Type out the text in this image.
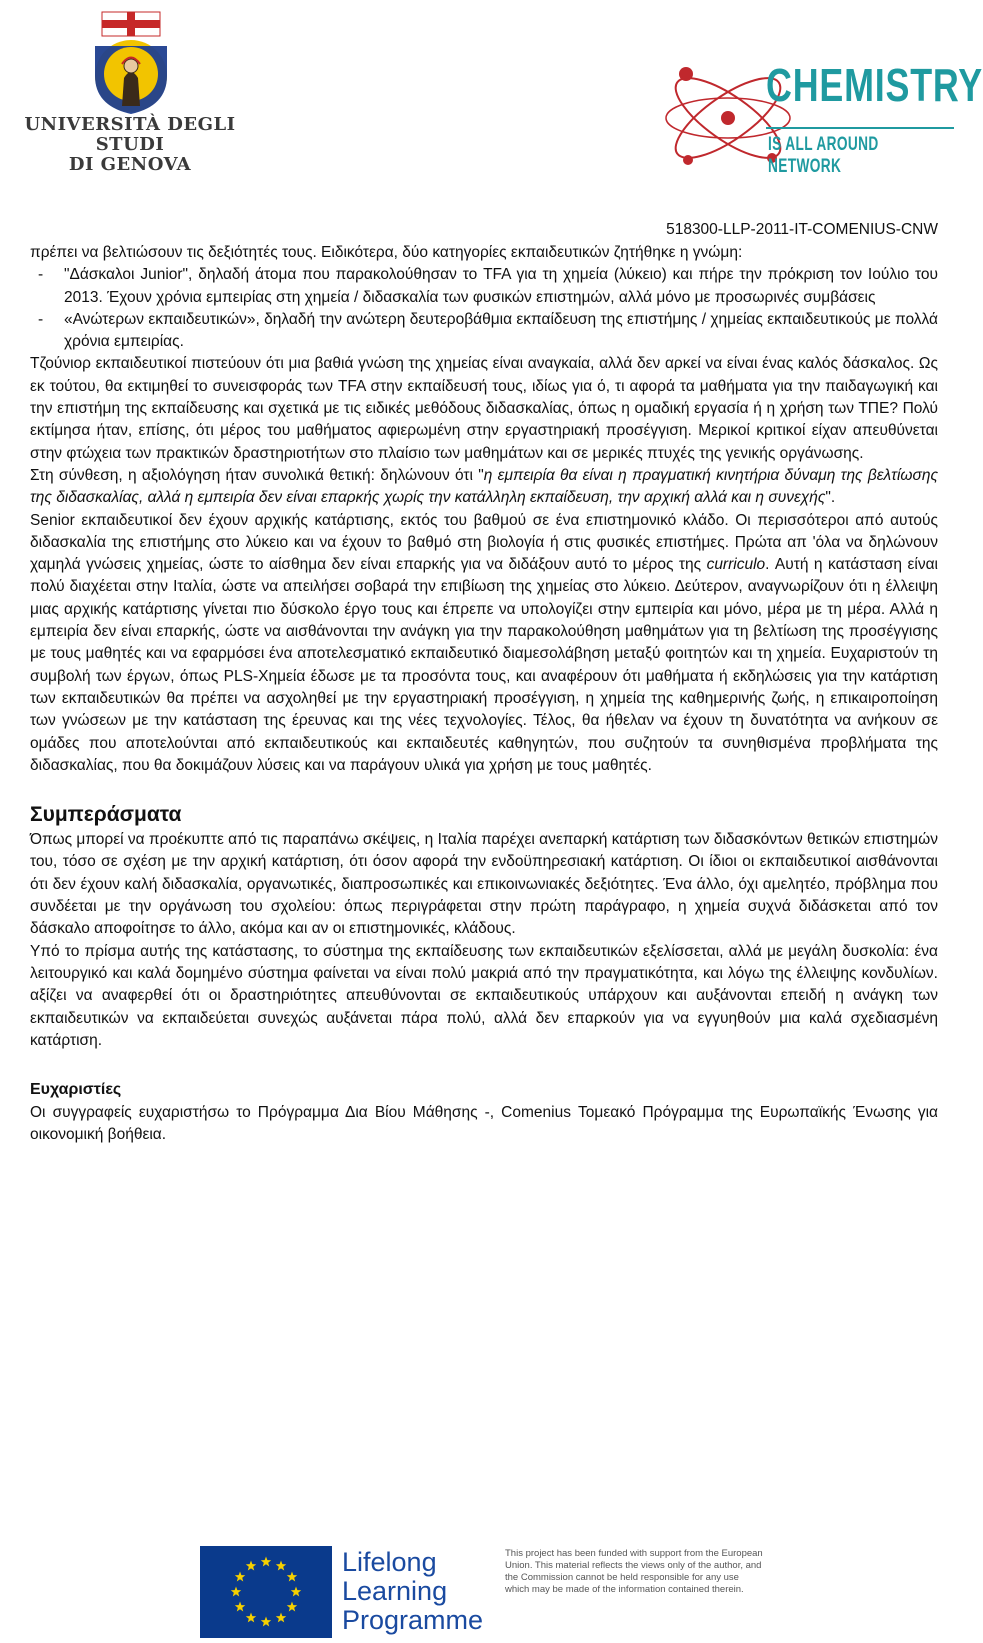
UNIVERSITÀ DEGLI STUDI
DI GENOVA
CHEMISTRY
IS ALL AROUND NETWORK
518300-LLP-2011-IT-COMENIUS-CNW

πρέπει να βελτιώσουν τις δεξιότητές τους. Ειδικότερα, δύο κατηγορίες εκπαιδευτικών ζητήθηκε η γνώμη:

- "Δάσκαλοι Junior", δηλαδή άτομα που παρακολούθησαν το TFA για τη χημεία (λύκειο) και πήρε την πρόκριση τον Ιούλιο του 2013. Έχουν χρόνια εμπειρίας στη χημεία / διδασκαλία των φυσικών επιστημών, αλλά μόνο με προσωρινές συμβάσεις
- «Ανώτερων εκπαιδευτικών», δηλαδή την ανώτερη δευτεροβάθμια εκπαίδευση της επιστήμης / χημείας εκπαιδευτικούς με πολλά χρόνια εμπειρίας.

Τζούνιορ εκπαιδευτικοί πιστεύουν ότι μια βαθιά γνώση της χημείας είναι αναγκαία, αλλά δεν αρκεί να είναι ένας καλός δάσκαλος. Ως εκ τούτου, θα εκτιμηθεί το συνεισφοράς των TFA στην εκπαίδευσή τους, ιδίως για ό, τι αφορά τα μαθήματα για την παιδαγωγική και την επιστήμη της εκπαίδευσης και σχετικά με τις ειδικές μεθόδους διδασκαλίας, όπως η ομαδική εργασία ή η χρήση των ΤΠΕ? Πολύ εκτίμησα ήταν, επίσης, ότι μέρος του μαθήματος αφιερωμένη στην εργαστηριακή προσέγγιση. Μερικοί κριτικοί είχαν απευθύνεται στην φτώχεια των πρακτικών δραστηριοτήτων στο πλαίσιο των μαθημάτων και σε μερικές πτυχές της γενικής οργάνωσης.

Στη σύνθεση, η αξιολόγηση ήταν συνολικά θετική: δηλώνουν ότι "η εμπειρία θα είναι η πραγματική κινητήρια δύναμη της βελτίωσης της διδασκαλίας, αλλά η εμπειρία δεν είναι επαρκής χωρίς την κατάλληλη εκπαίδευση, την αρχική αλλά και η συνεχής".

Senior εκπαιδευτικοί δεν έχουν αρχικής κατάρτισης, εκτός του βαθμού σε ένα επιστημονικό κλάδο. Οι περισσότεροι από αυτούς διδασκαλία της επιστήμης στο λύκειο και να έχουν το βαθμό στη βιολογία ή στις φυσικές επιστήμες. Πρώτα απ 'όλα να δηλώνουν χαμηλά γνώσεις χημείας, ώστε το αίσθημα δεν είναι επαρκής για να διδάξουν αυτό το μέρος της curriculo. Αυτή η κατάσταση είναι πολύ διαχέεται στην Ιταλία, ώστε να απειλήσει σοβαρά την επιβίωση της χημείας στο λύκειο. Δεύτερον, αναγνωρίζουν ότι η έλλειψη μιας αρχικής κατάρτισης γίνεται πιο δύσκολο έργο τους και έπρεπε να υπολογίζει στην εμπειρία και μόνο, μέρα με τη μέρα. Αλλά η εμπειρία δεν είναι επαρκής, ώστε να αισθάνονται την ανάγκη για την παρακολούθηση μαθημάτων για τη βελτίωση της προσέγγισης με τους μαθητές και να εφαρμόσει ένα αποτελεσματικό εκπαιδευτικό διαμεσολάβηση μεταξύ φοιτητών και τη χημεία. Ευχαριστούν τη συμβολή των έργων, όπως PLS-Χημεία έδωσε με τα προσόντα τους, και αναφέρουν ότι μαθήματα ή εκδηλώσεις για την κατάρτιση των εκπαιδευτικών θα πρέπει να ασχοληθεί με την εργαστηριακή προσέγγιση, η χημεία της καθημερινής ζωής, η επικαιροποίηση των γνώσεων με την κατάσταση της έρευνας και της νέες τεχνολογίες. Τέλος, θα ήθελαν να έχουν τη δυνατότητα να ανήκουν σε ομάδες που αποτελούνται από εκπαιδευτικούς και εκπαιδευτές καθηγητών, που συζητούν τα συνηθισμένα προβλήματα της διδασκαλίας, που θα δοκιμάζουν λύσεις και να παράγουν υλικά για χρήση με τους μαθητές.

Συμπεράσματα

Όπως μπορεί να προέκυπτε από τις παραπάνω σκέψεις, η Ιταλία παρέχει ανεπαρκή κατάρτιση των διδασκόντων θετικών επιστημών του, τόσο σε σχέση με την αρχική κατάρτιση, ότι όσον αφορά την ενδοϋπηρεσιακή κατάρτιση. Οι ίδιοι οι εκπαιδευτικοί αισθάνονται ότι δεν έχουν καλή διδασκαλία, οργανωτικές, διαπροσωπικές και επικοινωνιακές δεξιότητες. Ένα άλλο, όχι αμελητέο, πρόβλημα που συνδέεται με την οργάνωση του σχολείου: όπως περιγράφεται στην πρώτη παράγραφο, η χημεία συχνά διδάσκεται από τον δάσκαλο αποφοίτησε το άλλο, ακόμα και αν οι επιστημονικές, κλάδους.

Υπό το πρίσμα αυτής της κατάστασης, το σύστημα της εκπαίδευσης των εκπαιδευτικών εξελίσσεται, αλλά με μεγάλη δυσκολία: ένα λειτουργικό και καλά δομημένο σύστημα φαίνεται να είναι πολύ μακριά από την πραγματικότητα, και λόγω της έλλειψης κονδυλίων. αξίζει να αναφερθεί ότι οι δραστηριότητες απευθύνονται σε εκπαιδευτικούς υπάρχουν και αυξάνονται επειδή η ανάγκη των εκπαιδευτικών να εκπαιδεύεται συνεχώς αυξάνεται πάρα πολύ, αλλά δεν επαρκούν για να εγγυηθούν μια καλά σχεδιασμένη κατάρτιση.

Ευχαριστίες

Οι συγγραφείς ευχαριστήσω το Πρόγραμμα Δια Βίου Μάθησης -, Comenius Τομεακό Πρόγραμμα της Ευρωπαϊκής Ένωσης για οικονομική βοήθεια.

Lifelong
Learning
Programme
This project has been funded with support from the European Union. This material reflects the views only of the author, and the Commission cannot be held responsible for any use which may be made of the information contained therein.
